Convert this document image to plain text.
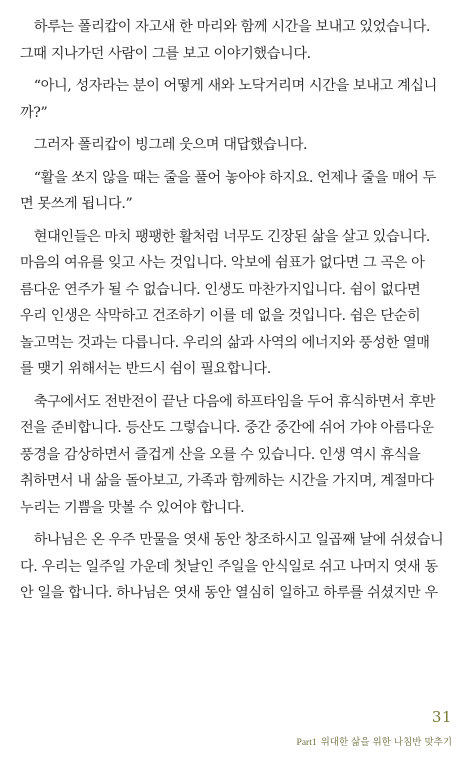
　하루는 폴리캅이 자고새 한 마리와 함께 시간을 보내고 있었습니다.
그때 지나가던 사람이 그를 보고 이야기했습니다.
　“아니, 성자라는 분이 어떻게 새와 노닥거리며 시간을 보내고 계십니
까?”
　그러자 폴리캅이 빙그레 웃으며 대답했습니다.
　“활을 쏘지 않을 때는 줄을 풀어 놓아야 하지요. 언제나 줄을 매어 두
면 못쓰게 됩니다.”
　현대인들은 마치 팽팽한 활처럼 너무도 긴장된 삶을 살고 있습니다.
마음의 여유를 잊고 사는 것입니다. 악보에 쉼표가 없다면 그 곡은 아
름다운 연주가 될 수 없습니다. 인생도 마찬가지입니다. 쉼이 없다면
우리 인생은 삭막하고 건조하기 이를 데 없을 것입니다. 쉼은 단순히
놀고먹는 것과는 다릅니다. 우리의 삶과 사역의 에너지와 풍성한 열매
를 맺기 위해서는 반드시 쉼이 필요합니다.
　축구에서도 전반전이 끝난 다음에 하프타임을 두어 휴식하면서 후반
전을 준비합니다. 등산도 그렇습니다. 중간 중간에 쉬어 가야 아름다운
풍경을 감상하면서 즐겁게 산을 오를 수 있습니다. 인생 역시 휴식을
취하면서 내 삶을 돌아보고, 가족과 함께하는 시간을 가지며, 계절마다
누리는 기쁨을 맛볼 수 있어야 합니다.
　하나님은 온 우주 만물을 엿새 동안 창조하시고 일곱째 날에 쉬셨습니
다. 우리는 일주일 가운데 첫날인 주일을 안식일로 쉬고 나머지 엿새 동
안 일을 합니다. 하나님은 엿새 동안 열심히 일하고 하루를 쉬셨지만 우
31
Part1 위대한 삶을 위한 나침반 맞추기
